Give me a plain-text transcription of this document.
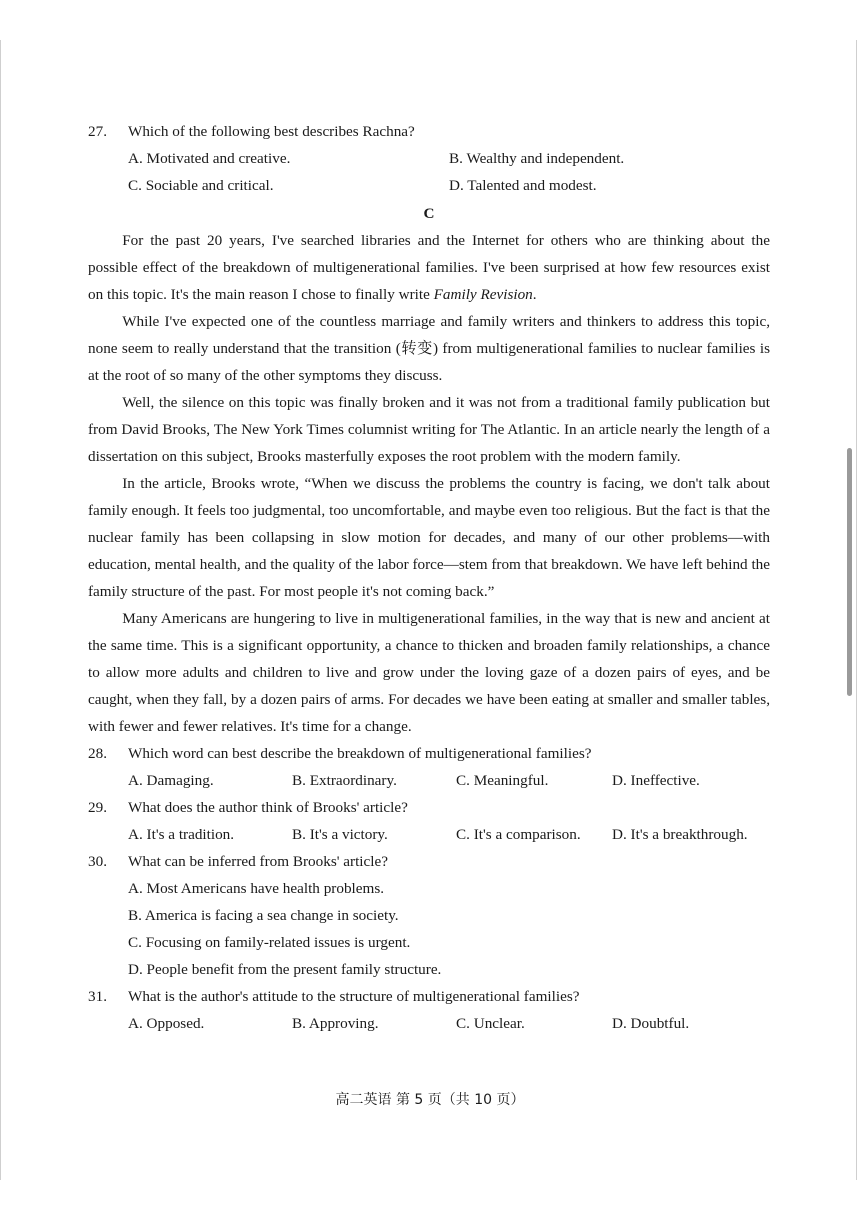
27.	Which of the following best describes Rachna?
A. Motivated and creative.	B. Wealthy and independent.
C. Sociable and critical.	D. Talented and modest.
C

For the past 20 years, I've searched libraries and the Internet for others who are thinking about the possible effect of the breakdown of multigenerational families. I've been surprised at how few resources exist on this topic. It's the main reason I chose to finally write Family Revision.

While I've expected one of the countless marriage and family writers and thinkers to address this topic, none seem to really understand that the transition (转变) from multigenerational families to nuclear families is at the root of so many of the other symptoms they discuss.

Well, the silence on this topic was finally broken and it was not from a traditional family publication but from David Brooks, The New York Times columnist writing for The Atlantic. In an article nearly the length of a dissertation on this subject, Brooks masterfully exposes the root problem with the modern family.

In the article, Brooks wrote, “When we discuss the problems the country is facing, we don't talk about family enough. It feels too judgmental, too uncomfortable, and maybe even too religious. But the fact is that the nuclear family has been collapsing in slow motion for decades, and many of our other problems—with education, mental health, and the quality of the labor force—stem from that breakdown. We have left behind the family structure of the past. For most people it's not coming back.”

Many Americans are hungering to live in multigenerational families, in the way that is new and ancient at the same time. This is a significant opportunity, a chance to thicken and broaden family relationships, a chance to allow more adults and children to live and grow under the loving gaze of a dozen pairs of eyes, and be caught, when they fall, by a dozen pairs of arms. For decades we have been eating at smaller and smaller tables, with fewer and fewer relatives. It's time for a change.

28.	Which word can best describe the breakdown of multigenerational families?
A. Damaging.	B. Extraordinary.	C. Meaningful.	D. Ineffective.
29.	What does the author think of Brooks' article?
A. It's a tradition.	B. It's a victory.	C. It's a comparison.	D. It's a breakthrough.
30.	What can be inferred from Brooks' article?
A. Most Americans have health problems.
B. America is facing a sea change in society.
C. Focusing on family-related issues is urgent.
D. People benefit from the present family structure.
31.	What is the author's attitude to the structure of multigenerational families?
A. Opposed.	B. Approving.	C. Unclear.	D. Doubtful.
高二英语 第 5 页（共 10 页）
